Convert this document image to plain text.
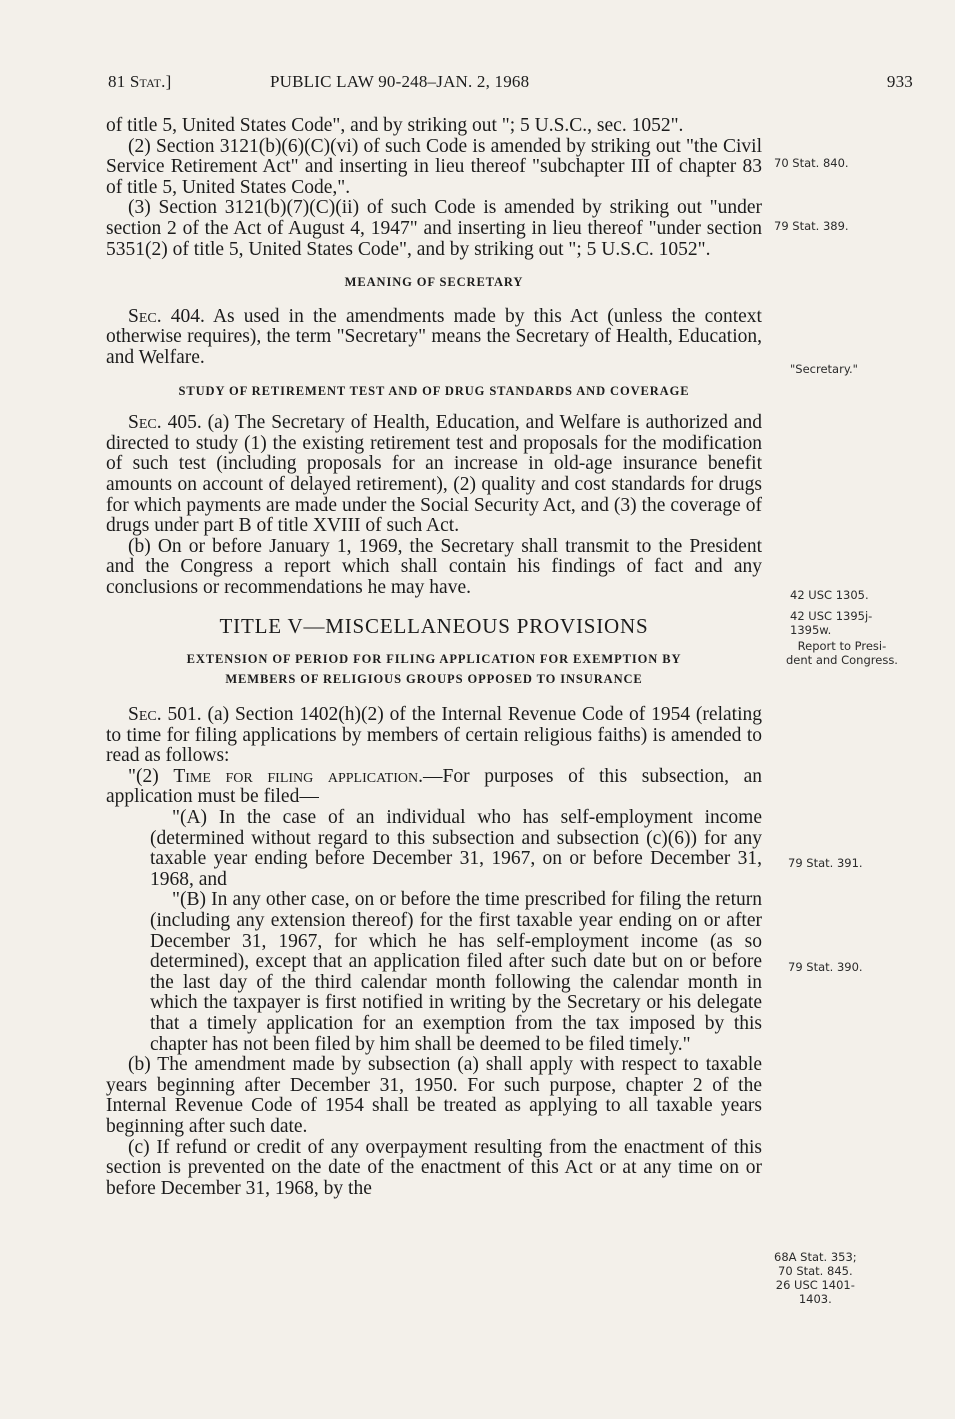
81 Stat.]	PUBLIC LAW 90-248–JAN. 2, 1968	933

of title 5, United States Code", and by striking out "; 5 U.S.C., sec. 1052".

(2) Section 3121(b)(6)(C)(vi) of such Code is amended by striking out "the Civil Service Retirement Act" and inserting in lieu thereof "subchapter III of chapter 83 of title 5, United States Code,".

(3) Section 3121(b)(7)(C)(ii) of such Code is amended by striking out "under section 2 of the Act of August 4, 1947" and inserting in lieu thereof "under section 5351(2) of title 5, United States Code", and by striking out "; 5 U.S.C. 1052".

MEANING OF SECRETARY

Sec. 404. As used in the amendments made by this Act (unless the context otherwise requires), the term "Secretary" means the Secretary of Health, Education, and Welfare.

STUDY OF RETIREMENT TEST AND OF DRUG STANDARDS AND COVERAGE

Sec. 405. (a) The Secretary of Health, Education, and Welfare is authorized and directed to study (1) the existing retirement test and proposals for the modification of such test (including proposals for an increase in old-age insurance benefit amounts on account of delayed retirement), (2) quality and cost standards for drugs for which payments are made under the Social Security Act, and (3) the coverage of drugs under part B of title XVIII of such Act.

(b) On or before January 1, 1969, the Secretary shall transmit to the President and the Congress a report which shall contain his findings of fact and any conclusions or recommendations he may have.

TITLE V—MISCELLANEOUS PROVISIONS
EXTENSION OF PERIOD FOR FILING APPLICATION FOR EXEMPTION BY
MEMBERS OF RELIGIOUS GROUPS OPPOSED TO INSURANCE

Sec. 501. (a) Section 1402(h)(2) of the Internal Revenue Code of 1954 (relating to time for filing applications by members of certain religious faiths) is amended to read as follows:

"(2) Time for filing application.—For purposes of this subsection, an application must be filed—

"(A) In the case of an individual who has self-employment income (determined without regard to this subsection and subsection (c)(6)) for any taxable year ending before December 31, 1967, on or before December 31, 1968, and

"(B) In any other case, on or before the time prescribed for filing the return (including any extension thereof) for the first taxable year ending on or after December 31, 1967, for which he has self-employment income (as so determined), except that an application filed after such date but on or before the last day of the third calendar month following the calendar month in which the taxpayer is first notified in writing by the Secretary or his delegate that a timely application for an exemption from the tax imposed by this chapter has not been filed by him shall be deemed to be filed timely."

(b) The amendment made by subsection (a) shall apply with respect to taxable years beginning after December 31, 1950. For such purpose, chapter 2 of the Internal Revenue Code of 1954 shall be treated as applying to all taxable years beginning after such date.

(c) If refund or credit of any overpayment resulting from the enactment of this section is prevented on the date of the enactment of this Act or at any time on or before December 31, 1968, by the

70 Stat. 840.
79 Stat. 389.
"Secretary."
42 USC 1305.
42 USC 1395j-
1395w.
Report to Presi-
dent and Congress.
79 Stat. 391.
79 Stat. 390.
68A Stat. 353;
70 Stat. 845.
26 USC 1401-
1403.
